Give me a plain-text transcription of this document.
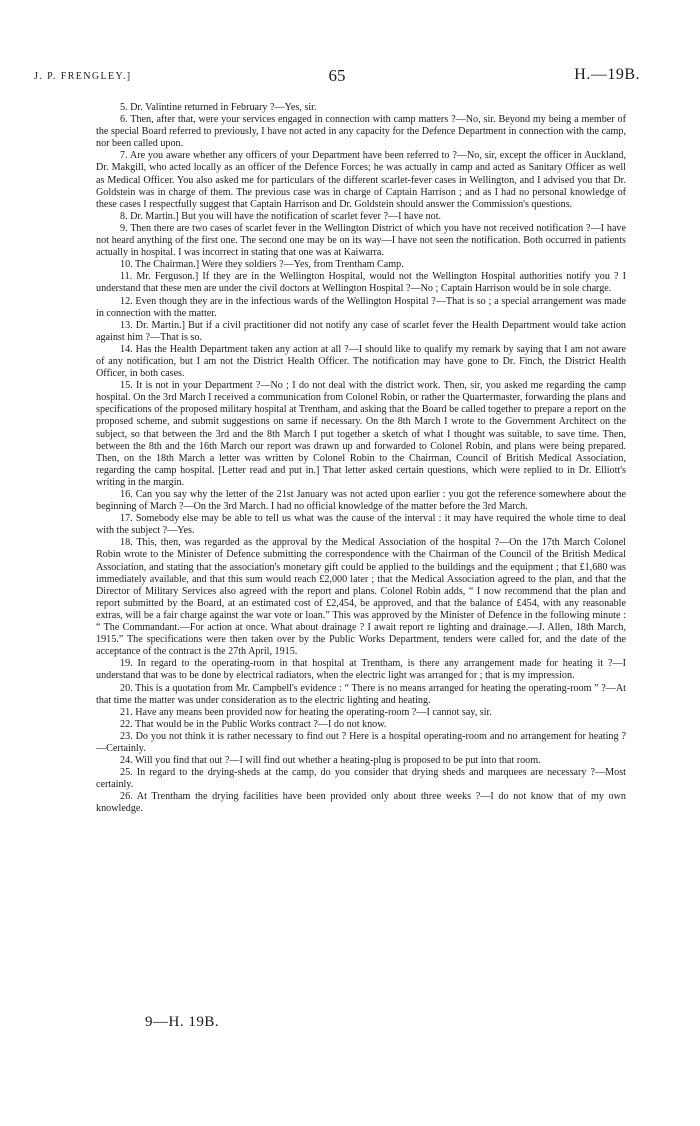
J. P. FRENGLEY.]	65	H.—19B.

5. Dr. Valintine returned in February ?—Yes, sir.

6. Then, after that, were your services engaged in connection with camp matters ?—No, sir. Beyond my being a member of the special Board referred to previously, I have not acted in any capacity for the Defence Department in connection with the camp, nor been called upon.

7. Are you aware whether any officers of your Department have been referred to ?—No, sir, except the officer in Auckland, Dr. Makgill, who acted locally as an officer of the Defence Forces; he was actually in camp and acted as Sanitary Officer as well as Medical Officer. You also asked me for particulars of the different scarlet-fever cases in Wellington, and I advised you that Dr. Goldstein was in charge of them. The previous case was in charge of Captain Harrison ; and as I had no personal knowledge of these cases I respectfully suggest that Captain Harrison and Dr. Goldstein should answer the Commission's questions.

8. Dr. Martin.] But you will have the notification of scarlet fever ?—I have not.

9. Then there are two cases of scarlet fever in the Wellington District of which you have not received notification ?—I have not heard anything of the first one. The second one may be on its way—I have not seen the notification. Both occurred in patients actually in hospital. I was incorrect in stating that one was at Kaiwarra.

10. The Chairman.] Were they soldiers ?—Yes, from Trentham Camp.

11. Mr. Ferguson.] If they are in the Wellington Hospital, would not the Wellington Hospital authorities notify you ? I understand that these men are under the civil doctors at Wellington Hospital ?—No ; Captain Harrison would be in sole charge.

12. Even though they are in the infectious wards of the Wellington Hospital ?—That is so ; a special arrangement was made in connection with the matter.

13. Dr. Martin.] But if a civil practitioner did not notify any case of scarlet fever the Health Department would take action against him ?—That is so.

14. Has the Health Department taken any action at all ?—I should like to qualify my remark by saying that I am not aware of any notification, but I am not the District Health Officer. The notification may have gone to Dr. Finch, the District Health Officer, in both cases.

15. It is not in your Department ?—No ; I do not deal with the district work. Then, sir, you asked me regarding the camp hospital. On the 3rd March I received a communication from Colonel Robin, or rather the Quartermaster, forwarding the plans and specifications of the proposed military hospital at Trentham, and asking that the Board be called together to prepare a report on the proposed scheme, and submit suggestions on same if necessary. On the 8th March I wrote to the Government Architect on the subject, so that between the 3rd and the 8th March I put together a sketch of what I thought was suitable, to save time. Then, between the 8th and the 16th March our report was drawn up and forwarded to Colonel Robin, and plans were being prepared. Then, on the 18th March a letter was written by Colonel Robin to the Chairman, Council of British Medical Association, regarding the camp hospital. [Letter read and put in.] That letter asked certain questions, which were replied to in Dr. Elliott's writing in the margin.

16. Can you say why the letter of the 21st January was not acted upon earlier : you got the reference somewhere about the beginning of March ?—On the 3rd March. I had no official knowledge of the matter before the 3rd March.

17. Somebody else may be able to tell us what was the cause of the interval : it may have required the whole time to deal with the subject ?—Yes.

18. This, then, was regarded as the approval by the Medical Association of the hospital ?—On the 17th March Colonel Robin wrote to the Minister of Defence submitting the correspondence with the Chairman of the Council of the British Medical Association, and stating that the association's monetary gift could be applied to the buildings and the equipment ; that £1,680 was immediately available, and that this sum would reach £2,000 later ; that the Medical Association agreed to the plan, and that the Director of Military Services also agreed with the report and plans. Colonel Robin adds, “ I now recommend that the plan and report submitted by the Board, at an estimated cost of £2,454, be approved, and that the balance of £454, with any reasonable extras, will be a fair charge against the war vote or loan.” This was approved by the Minister of Defence in the following minute : “ The Commandant.—For action at once. What about drainage ? I await report re lighting and drainage.—J. Allen, 18th March, 1915.” The specifications were then taken over by the Public Works Department, tenders were called for, and the date of the acceptance of the contract is the 27th April, 1915.

19. In regard to the operating-room in that hospital at Trentham, is there any arrangement made for heating it ?—I understand that was to be done by electrical radiators, when the electric light was arranged for ; that is my impression.

20. This is a quotation from Mr. Campbell's evidence : “ There is no means arranged for heating the operating-room ” ?—At that time the matter was under consideration as to the electric lighting and heating.

21. Have any means been provided now for heating the operating-room ?—I cannot say, sir.

22. That would be in the Public Works contract ?—I do not know.

23. Do you not think it is rather necessary to find out ? Here is a hospital operating-room and no arrangement for heating ?—Certainly.

24. Will you find that out ?—I will find out whether a heating-plug is proposed to be put into that room.

25. In regard to the drying-sheds at the camp, do you consider that drying sheds and marquees are necessary ?—Most certainly.

26. At Trentham the drying facilities have been provided only about three weeks ?—I do not know that of my own knowledge.

9—H. 19B.
